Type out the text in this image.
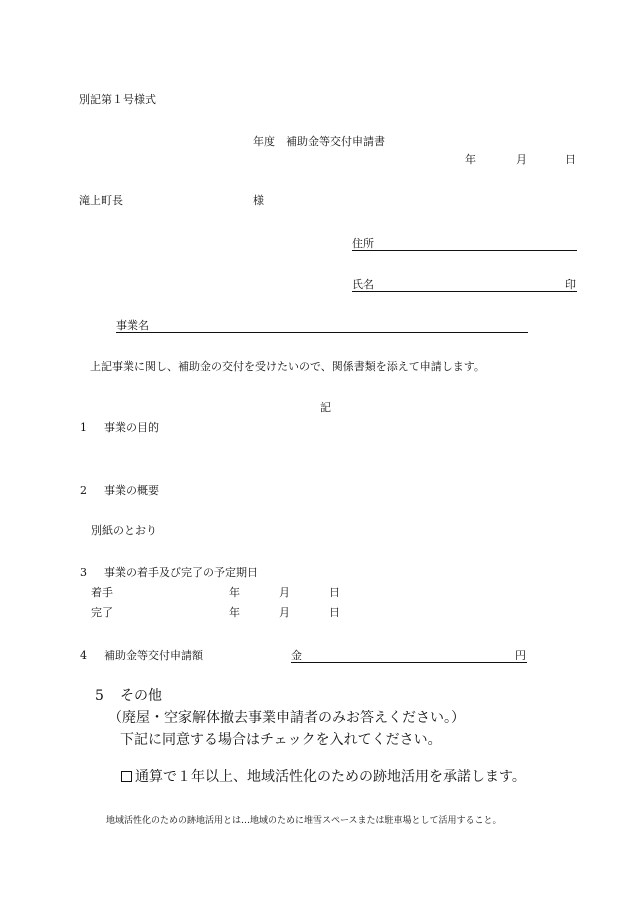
別記第１号様式
年度　補助金等交付申請書
年	月	日
滝上町長	様
住所
氏名	印
事業名
上記事業に関し、補助金の交付を受けたいので、関係書類を添えて申請します。
記
1 事業の目的
2 事業の概要
別紙のとおり
3 事業の着手及び完了の予定期日
着手	年	月	日
完了	年	月	日
4 補助金等交付申請額	金	円
5 その他
（廃屋・空家解体撤去事業申請者のみお答えください。）
下記に同意する場合はチェックを入れてください。
通算で１年以上、地域活性化のための跡地活用を承諾します。
地域活性化のための跡地活用とは…地域のために堆雪スペースまたは駐車場として活用すること。
